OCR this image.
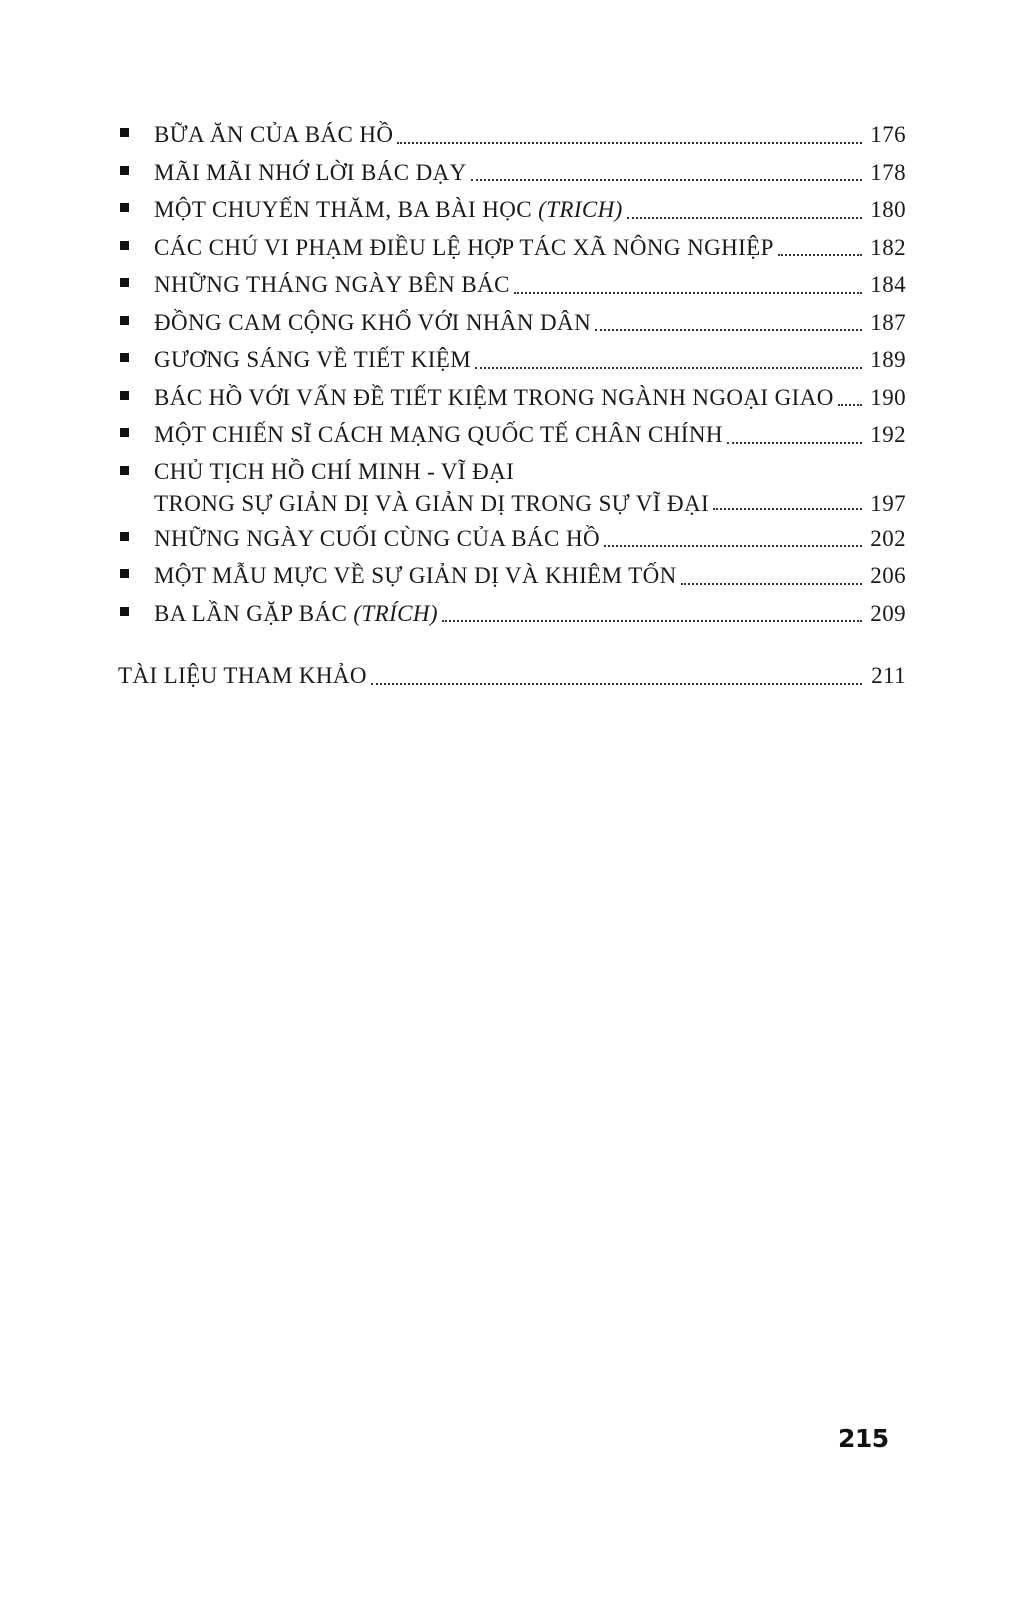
BỮA ĂN CỦA BÁC HỒ	176
MÃI MÃI NHỚ LỜI BÁC DẠY	178
MỘT CHUYẾN THĂM, BA BÀI HỌC (TRICH)	180
CÁC CHÚ VI PHẠM ĐIỀU LỆ HỢP TÁC XÃ NÔNG NGHIỆP	182
NHỮNG THÁNG NGÀY BÊN BÁC	184
ĐỒNG CAM CỘNG KHỔ VỚI NHÂN DÂN	187
GƯƠNG SÁNG VỀ TIẾT KIỆM	189
BÁC HỒ VỚI VẤN ĐỀ TIẾT KIỆM TRONG NGÀNH NGOẠI GIAO 190
MỘT CHIẾN SĨ CÁCH MẠNG QUỐC TẾ CHÂN CHÍNH	192
CHỦ TỊCH HỒ CHÍ MINH - VĨ ĐẠI
TRONG SỰ GIẢN DỊ VÀ GIẢN DỊ TRONG SỰ VĨ ĐẠI	197
NHỮNG NGÀY CUỐI CÙNG CỦA BÁC HỒ	202
MỘT MẪU MỰC VỀ SỰ GIẢN DỊ VÀ KHIÊM TỐN	206
BA LẦN GẶP BÁC (TRÍCH)	209
TÀI LIỆU THAM KHẢO	211
215
